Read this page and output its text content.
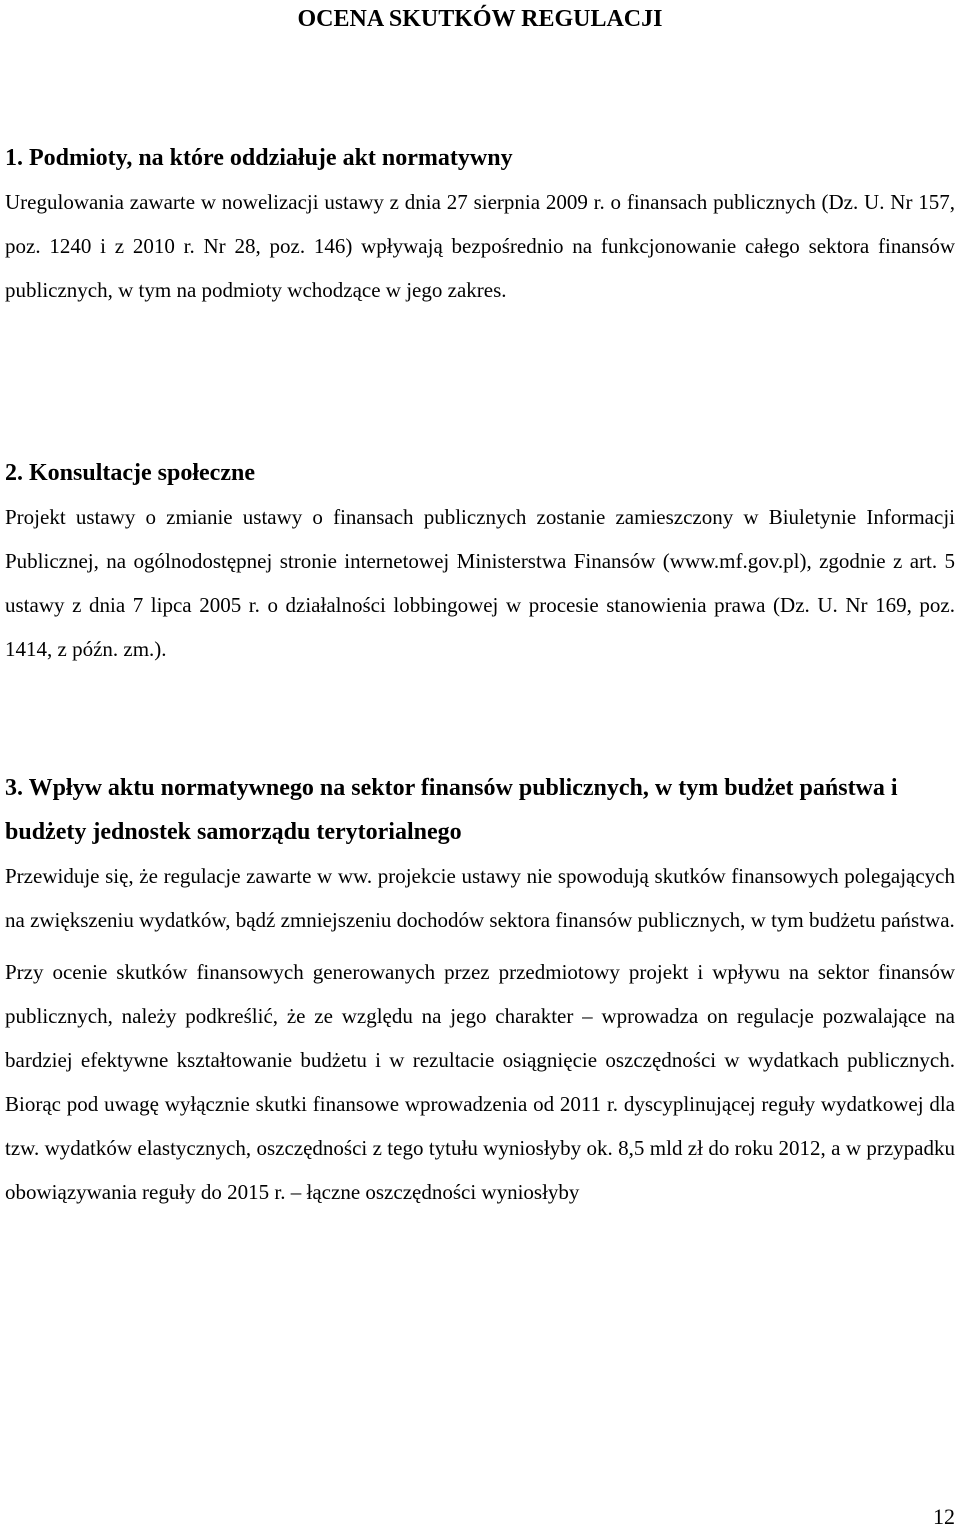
OCENA SKUTKÓW REGULACJI
1. Podmioty, na które oddziałuje akt normatywny

Uregulowania zawarte w nowelizacji ustawy z dnia 27 sierpnia 2009 r. o finansach publicznych (Dz. U. Nr 157, poz. 1240 i z 2010 r. Nr 28, poz. 146) wpływają bezpośrednio na funkcjonowanie całego sektora finansów publicznych, w tym na podmioty wchodzące w jego zakres.

2. Konsultacje społeczne

Projekt ustawy o zmianie ustawy o finansach publicznych zostanie zamieszczony w Biuletynie Informacji Publicznej, na ogólnodostępnej stronie internetowej Ministerstwa Finansów (www.mf.gov.pl), zgodnie z art. 5 ustawy z dnia 7 lipca 2005 r. o działalności lobbingowej w procesie stanowienia prawa (Dz. U. Nr 169, poz. 1414, z późn. zm.).

3. Wpływ aktu normatywnego na sektor finansów publicznych, w tym budżet państwa i budżety jednostek samorządu terytorialnego

Przewiduje się, że regulacje zawarte w ww. projekcie ustawy nie spowodują skutków finansowych polegających na zwiększeniu wydatków, bądź zmniejszeniu dochodów sektora finansów publicznych, w tym budżetu państwa.

Przy ocenie skutków finansowych generowanych przez przedmiotowy projekt i wpływu na sektor finansów publicznych, należy podkreślić, że ze względu na jego charakter – wprowadza on regulacje pozwalające na bardziej efektywne kształtowanie budżetu i w rezultacie osiągnięcie oszczędności w wydatkach publicznych. Biorąc pod uwagę wyłącznie skutki finansowe wprowadzenia od 2011 r. dyscyplinującej reguły wydatkowej dla tzw. wydatków elastycznych, oszczędności z tego tytułu wyniosłyby ok. 8,5 mld zł do roku 2012, a w przypadku obowiązywania reguły do 2015 r. – łączne oszczędności wyniosłyby

12
